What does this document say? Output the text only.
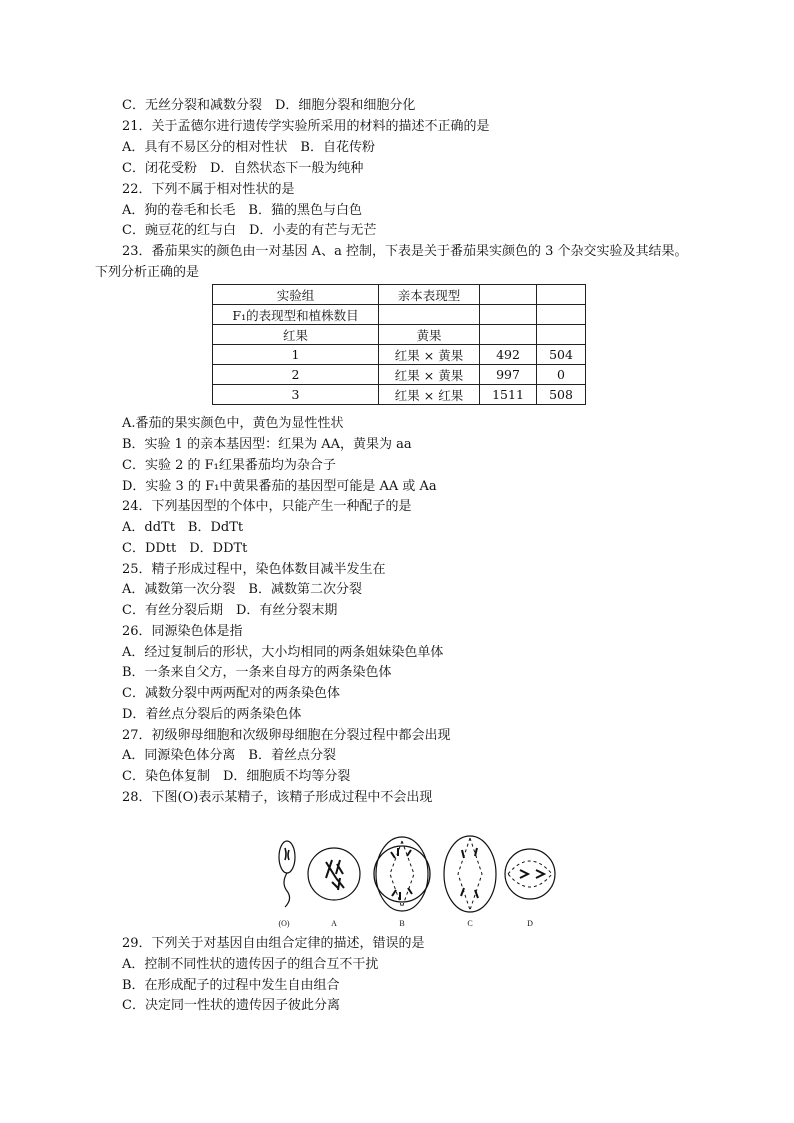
C．无丝分裂和减数分裂　D．细胞分裂和细胞分化
21．关于孟德尔进行遗传学实验所采用的材料的描述不正确的是
A．具有不易区分的相对性状　B．自花传粉
C．闭花受粉　D．自然状态下一般为纯种
22．下列不属于相对性状的是
A．狗的卷毛和长毛　B．猫的黑色与白色
C．豌豆花的红与白　D．小麦的有芒与无芒
23．番茄果实的颜色由一对基因 A、a 控制，下表是关于番茄果实颜色的 3 个杂交实验及其结果。
下列分析正确的是
实验组	亲本表现型		
F₁的表现型和植株数目			
红果	黄果		
1	红果 × 黄果	492	504
2	红果 × 黄果	997	0
3	红果 × 红果	1511	508
A.番茄的果实颜色中，黄色为显性性状
B．实验 1 的亲本基因型：红果为 AA，黄果为 aa
C．实验 2 的 F₁红果番茄均为杂合子
D．实验 3 的 F₁中黄果番茄的基因型可能是 AA 或 Aa
24．下列基因型的个体中，只能产生一种配子的是
A．ddTt　B．DdTt
C．DDtt　D．DDTt
25．精子形成过程中，染色体数目减半发生在
A．减数第一次分裂　B．减数第二次分裂
C．有丝分裂后期　D．有丝分裂末期
26．同源染色体是指
A．经过复制后的形状，大小均相同的两条姐妹染色单体
B．一条来自父方，一条来自母方的两条染色体
C．减数分裂中两两配对的两条染色体
D．着丝点分裂后的两条染色体
27．初级卵母细胞和次级卵母细胞在分裂过程中都会出现
A．同源染色体分离　B．着丝点分裂
C．染色体复制　D．细胞质不均等分裂
28．下图(O)表示某精子，该精子形成过程中不会出现
(O)	A	B	C	D
29．下列关于对基因自由组合定律的描述，错误的是
A．控制不同性状的遗传因子的组合互不干扰
B．在形成配子的过程中发生自由组合
C．决定同一性状的遗传因子彼此分离
